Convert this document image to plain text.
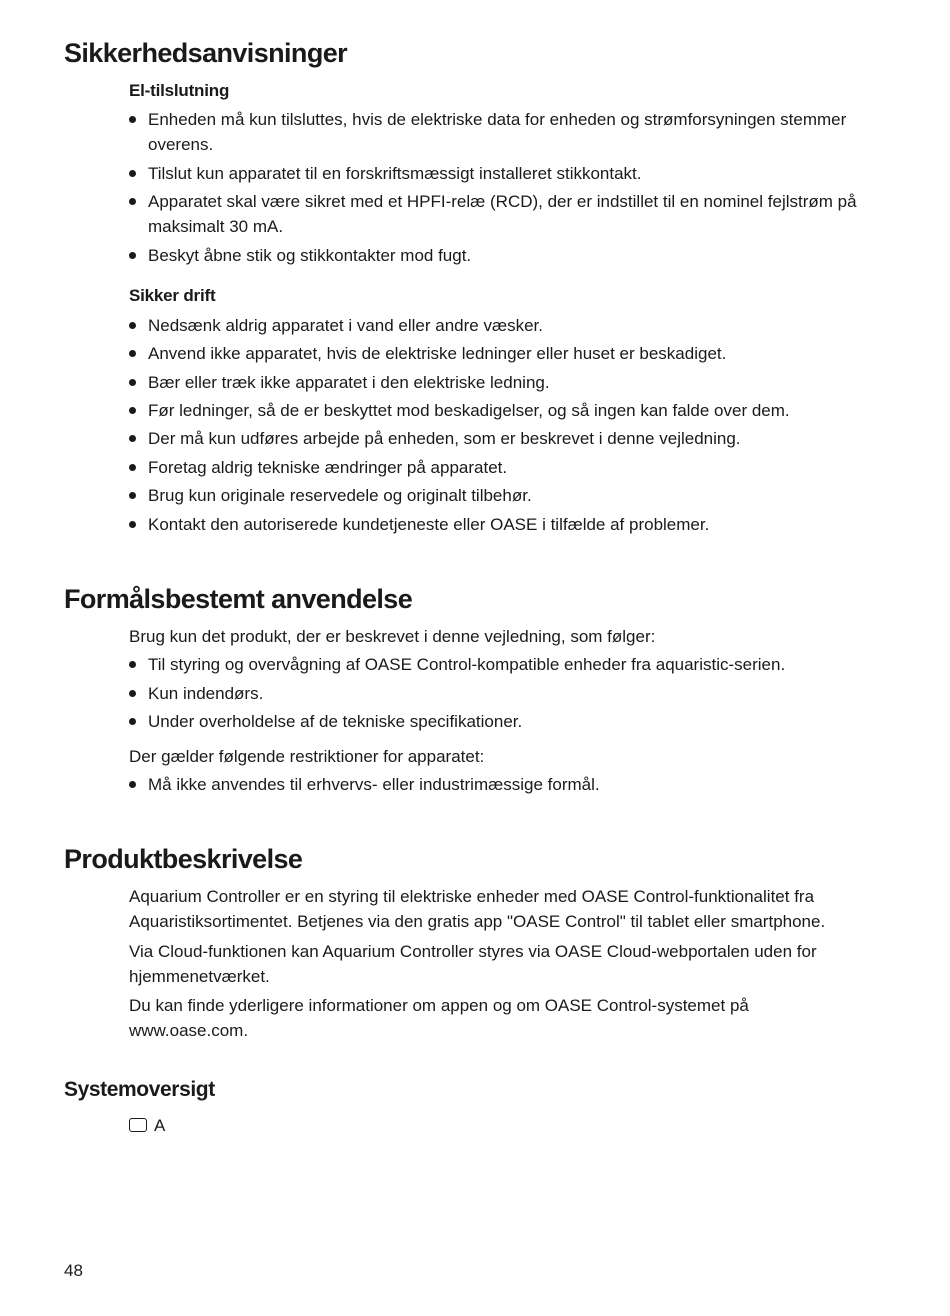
Sikkerhedsanvisninger
El-tilslutning
Enheden må kun tilsluttes, hvis de elektriske data for enheden og strømforsyningen stemmer overens.
Tilslut kun apparatet til en forskriftsmæssigt installeret stikkontakt.
Apparatet skal være sikret med et HPFI-relæ (RCD), der er indstillet til en nominel fejlstrøm på maksimalt 30 mA.
Beskyt åbne stik og stikkontakter mod fugt.
Sikker drift
Nedsænk aldrig apparatet i vand eller andre væsker.
Anvend ikke apparatet, hvis de elektriske ledninger eller huset er beskadiget.
Bær eller træk ikke apparatet i den elektriske ledning.
Før ledninger, så de er beskyttet mod beskadigelser, og så ingen kan falde over dem.
Der må kun udføres arbejde på enheden, som er beskrevet i denne vejledning.
Foretag aldrig tekniske ændringer på apparatet.
Brug kun originale reservedele og originalt tilbehør.
Kontakt den autoriserede kundetjeneste eller OASE i tilfælde af problemer.
Formålsbestemt anvendelse
Brug kun det produkt, der er beskrevet i denne vejledning, som følger:
Til styring og overvågning af OASE Control-kompatible enheder fra aquaristic-serien.
Kun indendørs.
Under overholdelse af de tekniske specifikationer.
Der gælder følgende restriktioner for apparatet:
Må ikke anvendes til erhvervs- eller industrimæssige formål.
Produktbeskrivelse
Aquarium Controller er en styring til elektriske enheder med OASE Control-funktionalitet fra Aquaristiksortimentet. Betjenes via den gratis app "OASE Control" til tablet eller smartphone.
Via Cloud-funktionen kan Aquarium Controller styres via OASE Cloud-webportalen uden for hjemmenetværket.
Du kan finde yderligere informationer om appen og om OASE Control-systemet på www.oase.com.
Systemoversigt
A
48
